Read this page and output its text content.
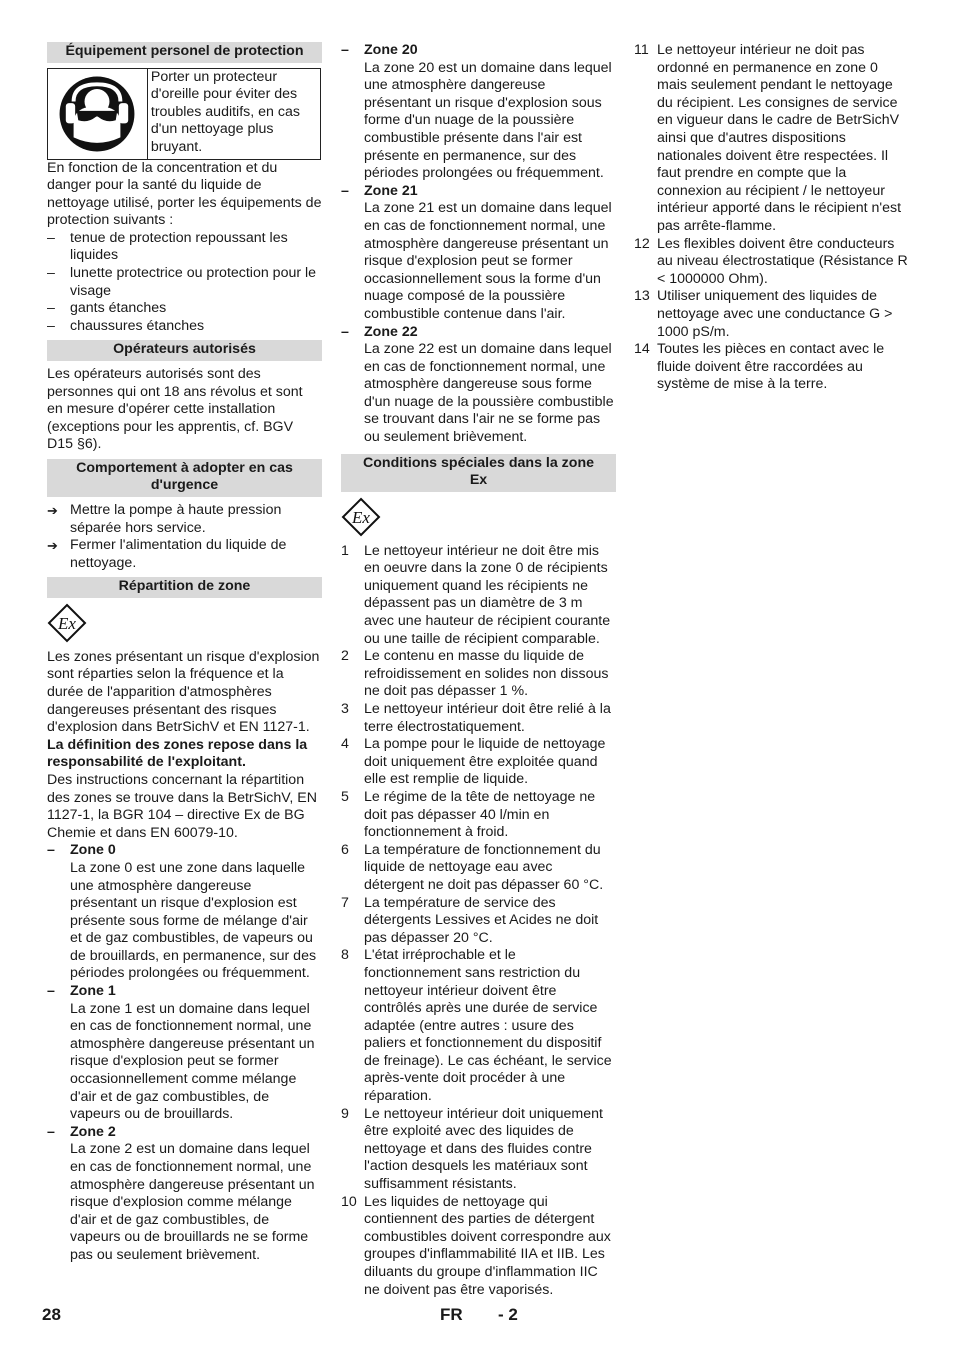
Équipement personel de protection
Porter un protecteur d'oreille pour éviter des troubles auditifs, en cas d'un nettoyage plus bruyant.

En fonction de la concentration et du danger pour la santé du liquide de nettoyage utilisé, porter les équipements de protection suivants :

– tenue de protection repoussant les liquides
– lunette protectrice ou protection pour le visage
– gants étanches
– chaussures étanches
Opérateurs autorisés

Les opérateurs autorisés sont des personnes qui ont 18 ans révolus et sont en mesure d'opérer cette installation (exceptions pour les apprentis, cf. BGV D15 §6).

Comportement à adopter en cas d'urgence
➔ Mettre la pompe à haute pression séparée hors service.
➔ Fermer l'alimentation du liquide de nettoyage.
Répartition de zone
Ex

Les zones présentant un risque d'explosion sont réparties selon la fréquence et la durée de l'apparition d'atmosphères dangereuses présentant des risques d'explosion dans BetrSichV et EN 1127-1.

La définition des zones repose dans la responsabilité de l'exploitant.

Des instructions concernant la répartition des zones se trouve dans la BetrSichV, EN 1127-1, la BGR 104 – directive Ex de BG Chemie et dans EN 60079-10.

– Zone 0

La zone 0 est une zone dans laquelle une atmosphère dangereuse présentant un risque d'explosion est présente sous forme de mélange d'air et de gaz combustibles, de vapeurs ou de brouillards, en permanence, sur des périodes prolongées ou fréquemment.

– Zone 1

La zone 1 est un domaine dans lequel en cas de fonctionnement normal, une atmosphère dangereuse présentant un risque d'explosion peut se former occasionnellement comme mélange d'air et de gaz combustibles, de vapeurs ou de brouillards.

– Zone 2

La zone 2 est un domaine dans lequel en cas de fonctionnement normal, une atmosphère dangereuse présentant un risque d'explosion comme mélange d'air et de gaz combustibles, de vapeurs ou de brouillards ne se forme pas ou seulement brièvement.

– Zone 20

La zone 20 est un domaine dans lequel une atmosphère dangereuse présentant un risque d'explosion sous forme d'un nuage de la poussière combustible présente dans l'air est présente en permanence, sur des périodes prolongées ou fréquemment.

– Zone 21

La zone 21 est un domaine dans lequel en cas de fonctionnement normal, une atmosphère dangereuse présentant un risque d'explosion peut se former occasionnellement sous la forme d'un nuage composé de la poussière combustible contenue dans l'air.

– Zone 22

La zone 22 est un domaine dans lequel en cas de fonctionnement normal, une atmosphère dangereuse sous forme d'un nuage de la poussière combustible se trouvant dans l'air ne se forme pas ou seulement brièvement.

Conditions spéciales dans la zone Ex
Ex
1 Le nettoyeur intérieur ne doit être mis en oeuvre dans la zone 0 de récipients uniquement quand les récipients ne dépassent pas un diamètre de 3 m avec une hauteur de récipient courante ou une taille de récipient comparable.
2 Le contenu en masse du liquide de refroidissement en solides non dissous ne doit pas dépasser 1 %.
3 Le nettoyeur intérieur doit être relié à la terre électrostatiquement.
4 La pompe pour le liquide de nettoyage doit uniquement être exploitée quand elle est remplie de liquide.
5 Le régime de la tête de nettoyage ne doit pas dépasser 40 l/min en fonctionnement à froid.
6 La température de fonctionnement du liquide de nettoyage eau avec détergent ne doit pas dépasser 60 °C.
7 La température de service des détergents Lessives et Acides ne doit pas dépasser 20 °C.
8 L'état irréprochable et le fonctionnement sans restriction du nettoyeur intérieur doivent être contrôlés après une durée de service adaptée (entre autres : usure des paliers et fonctionnement du dispositif de freinage). Le cas échéant, le service après-vente doit procéder à une réparation.
9 Le nettoyeur intérieur doit uniquement être exploité avec des liquides de nettoyage et dans des fluides contre l'action desquels les matériaux sont suffisamment résistants.
10 Les liquides de nettoyage qui contiennent des parties de détergent combustibles doivent correspondre aux groupes d'inflammabilité IIA et IIB. Les diluants du groupe d'inflammation IIC ne doivent pas être vaporisés.
11 Le nettoyeur intérieur ne doit pas ordonné en permanence en zone 0 mais seulement pendant le nettoyage du récipient. Les consignes de service en vigueur dans le cadre de BetrSichV ainsi que d'autres dispositions nationales doivent être respectées. Il faut prendre en compte que la connexion au récipient / le nettoyeur intérieur apporté dans le récipient n'est pas arrête-flamme.
12 Les flexibles doivent être conducteurs au niveau électrostatique (Résistance R < 1000000 Ohm).
13 Utiliser uniquement des liquides de nettoyage avec une conductance G > 1000 pS/m.
14 Toutes les pièces en contact avec le fluide doivent être raccordées au système de mise à la terre.
28	FR - 2
